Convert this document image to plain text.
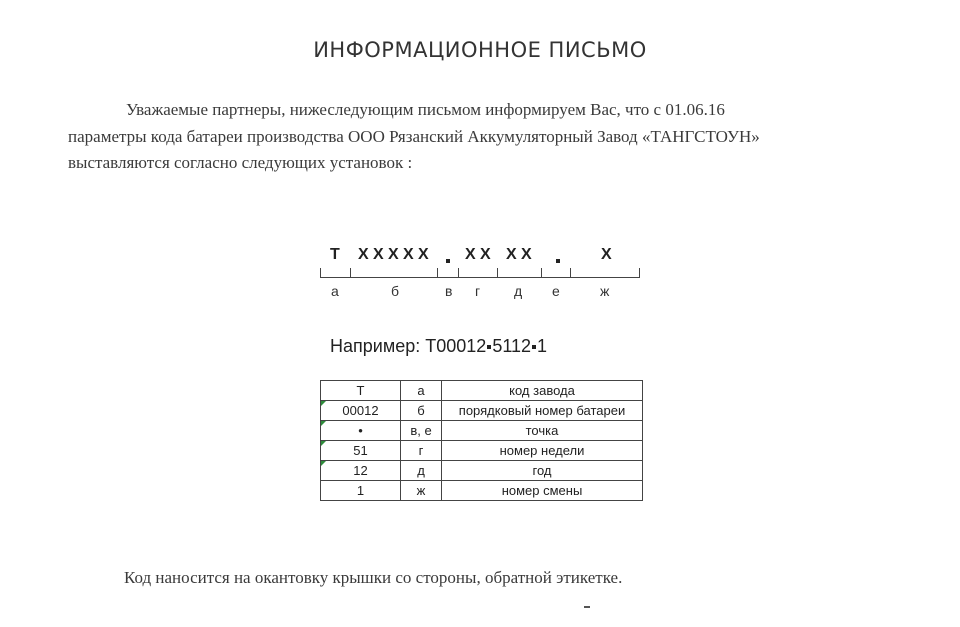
ИНФОРМАЦИОННОЕ ПИСЬМО
Уважаемые партнеры, нижеследующим письмом информируем Вас, что с 01.06.16
параметры кода батареи производства ООО Рязанский Аккумуляторный Завод «ТАНГСТОУН»
выставляются согласно следующих установок :
Т Х Х Х Х Х Х Х Х Х	Х
а	б	в г д е	ж
Например: Т00012 5112 1
Т	а	код завода

00012	б	порядковый номер батареи

•	в, е	точка

51	г	номер недели

12	д	год
1	ж	номер смены
Код наносится на окантовку крышки со стороны, обратной этикетке.
